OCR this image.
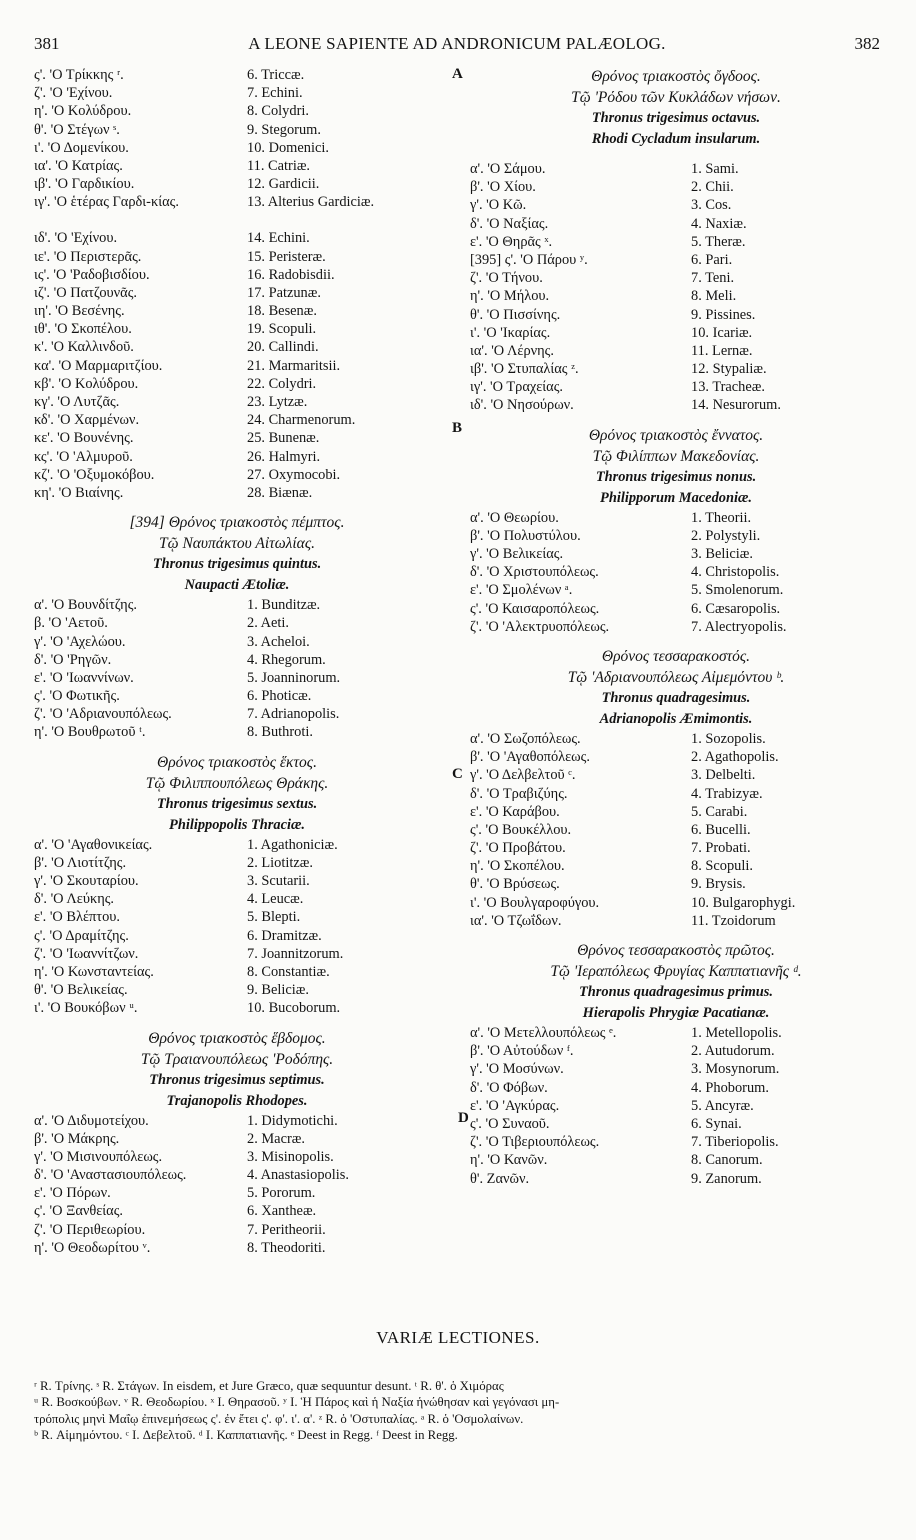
381	A LEONE SAPIENTE AD ANDRONICUM PALÆOLOG.	382
ς'. 'Ο Τρίκκης ʳ.	6. Triccæ.
ζ'. 'Ο 'Εχίνου.	7. Echini.
η'. 'Ο Κολύδρου.	8. Colydri.
θ'. 'Ο Στέγων ˢ.	9. Stegorum.
ι'. 'Ο Δομενίκου.	10. Domenici.
ια'. 'Ο Κατρίας.	11. Catriæ.
ιβ'. 'Ο Γαρδικίου.	12. Gardicii.
ιγ'. 'Ο ἑτέρας Γαρδι-κίας.	13. Alterius Gardiciæ.
ιδ'. 'Ο 'Εχίνου.	14. Echini.
ιε'. 'Ο Περιστερᾶς.	15. Peristeræ.
ις'. 'Ο 'Ραδοβισδίου.	16. Radobisdii.
ιζ'. 'Ο Πατζουνᾶς.	17. Patzunæ.
ιη'. 'Ο Βεσένης.	18. Besenæ.
ιθ'. 'Ο Σκοπέλου.	19. Scopuli.
κ'. 'Ο Καλλινδοῦ.	20. Callindi.
κα'. 'Ο Μαρμαριτζίου.	21. Marmaritsii.
κβ'. 'Ο Κολύδρου.	22. Colydri.
κγ'. 'Ο Λυτζᾶς.	23. Lytzæ.
κδ'. 'Ο Χαρμένων.	24. Charmenorum.
κε'. 'Ο Βουνένης.	25. Bunenæ.
κς'. 'Ο 'Αλμυροῦ.	26. Halmyri.
κζ'. 'Ο 'Οξυμοκόβου.	27. Oxymocobi.
κη'. 'Ο Βιαίνης.	28. Biænæ.
[394] Θρόνος τριακοστὸς πέμπτος.
Τῷ Ναυπάκτου Αἰτωλίας.
Thronus trigesimus quintus.
Naupacti Ætoliæ.
α'. 'Ο Βουνδίτζης.	1. Bunditzæ.
β. 'Ο 'Αετοῦ.	2. Aeti.
γ'. 'Ο 'Αχελώου.	3. Acheloi.
δ'. 'Ο 'Ρηγῶν.	4. Rhegorum.
ε'. 'Ο 'Ιωαννίνων.	5. Joanninorum.
ς'. 'Ο Φωτικῆς.	6. Photicæ.
ζ'. 'Ο 'Αδριανουπόλεως.	7. Adrianopolis.
η'. 'Ο Βουθρωτοῦ ᵗ.	8. Buthroti.
Θρόνος τριακοστὸς ἕκτος.
Τῷ Φιλιππουπόλεως Θράκης.
Thronus trigesimus sextus.
Philippopolis Thraciæ.
α'. 'Ο 'Αγαθονικείας.	1. Agathoniciæ.
β'. 'Ο Λιοτίτζης.	2. Liotitzæ.
γ'. 'Ο Σκουταρίου.	3. Scutarii.
δ'. 'Ο Λεύκης.	4. Leucæ.
ε'. 'Ο Βλέπτου.	5. Blepti.
ς'. 'Ο Δραμίτζης.	6. Dramitzæ.
ζ'. 'Ο 'Ιωαννίτζων.	7. Joannitzorum.
η'. 'Ο Κωνσταντείας.	8. Constantiæ.
θ'. 'Ο Βελικείας.	9. Beliciæ.
ι'. 'Ο Βουκόβων ᵘ.	10. Bucoborum.
Θρόνος τριακοστὸς ἕβδομος.
Τῷ Τραιανουπόλεως 'Ροδόπης.
Thronus trigesimus septimus.
Trajanopolis Rhodopes.
α'. 'Ο Διδυμοτείχου.	1. Didymotichi.
β'. 'Ο Μάκρης.	2. Macræ.
γ'. 'Ο Μισινουπόλεως.	3. Misinopolis.
δ'. 'Ο 'Αναστασιουπόλεως.	4. Anastasiopolis.
ε'. 'Ο Πόρων.	5. Pororum.
ς'. 'Ο Ξανθείας.	6. Xantheæ.
ζ'. 'Ο Περιθεωρίου.	7. Peritheorii.
η'. 'Ο Θεοδωρίτου ᵛ.	8. Theodoriti.
Θρόνος τριακοστὸς ὄγδοος.
Τῷ 'Ρόδου τῶν Κυκλάδων νήσων.
Thronus trigesimus octavus.
Rhodi Cycladum insularum.
α'. 'Ο Σάμου.	1. Sami.
β'. 'Ο Χίου.	2. Chii.
γ'. 'Ο Κῶ.	3. Cos.
δ'. 'Ο Ναξίας.	4. Naxiæ.
ε'. 'Ο Θηρᾶς ˣ.	5. Theræ.
[395] ς'. 'Ο Πάρου ʸ.	6. Pari.
ζ'. 'Ο Τήνου.	7. Teni.
η'. 'Ο Μήλου.	8. Meli.
θ'. 'Ο Πισσίνης.	9. Pissines.
ι'. 'Ο 'Ικαρίας.	10. Icariæ.
ια'. 'Ο Λέρνης.	11. Lernæ.
ιβ'. 'Ο Στυπαλίας ᶻ.	12. Stypaliæ.
ιγ'. 'Ο Τραχείας.	13. Tracheæ.
ιδ'. 'Ο Νησούρων.	14. Nesurorum.
Θρόνος τριακοστὸς ἔννατος.
Τῷ Φιλίππων Μακεδονίας.
Thronus trigesimus nonus.
Philipporum Macedoniæ.
α'. 'Ο Θεωρίου.	1. Theorii.
β'. 'Ο Πολυστύλου.	2. Polystyli.
γ'. 'Ο Βελικείας.	3. Beliciæ.
δ'. 'Ο Χριστουπόλεως.	4. Christopolis.
ε'. 'Ο Σμολένων ᵃ.	5. Smolenorum.
ς'. 'Ο Καισαροπόλεως.	6. Cæsaropolis.
ζ'. 'Ο 'Αλεκτρυοπόλεως.	7. Alectryopolis.
Θρόνος τεσσαρακοστός.
Τῷ 'Αδριανουπόλεως Αἰμεμόντου ᵇ.
Thronus quadragesimus.
Adrianopolis Æmimontis.
α'. 'Ο Σωζοπόλεως.	1. Sozopolis.
β'. 'Ο 'Αγαθοπόλεως.	2. Agathopolis.
γ'. 'Ο Δελβελτοῦ ᶜ.	3. Delbelti.
δ'. 'Ο Τραβιζύης.	4. Trabizyæ.
ε'. 'Ο Καράβου.	5. Carabi.
ς'. 'Ο Βουκέλλου.	6. Bucelli.
ζ'. 'Ο Προβάτου.	7. Probati.
η'. 'Ο Σκοπέλου.	8. Scopuli.
θ'. 'Ο Βρύσεως.	9. Brysis.
ι'. 'Ο Βουλγαροφύγου.	10. Bulgarophygi.
ια'. 'Ο Τζωΐδων.	11. Tzoidorum
Θρόνος τεσσαρακοστὸς πρῶτος.
Τῷ 'Ιεραπόλεως Φρυγίας Καππατιανῆς ᵈ.
Thronus quadragesimus primus.
Hierapolis Phrygiæ Pacatianæ.
α'. 'Ο Μετελλουπόλεως ᵉ.	1. Metellopolis.
β'. 'Ο Αὐτούδων ᶠ.	2. Autudorum.
γ'. 'Ο Μοσύνων.	3. Mosynorum.
δ'. 'Ο Φόβων.	4. Phoborum.
ε'. 'Ο 'Αγκύρας.	5. Ancyræ.
ς'. 'Ο Συναοῦ.	6. Synai.
ζ'. 'Ο Τιβεριουπόλεως.	7. Tiberiopolis.
η'. 'Ο Κανῶν.	8. Canorum.
θ'. Ζανῶν.	9. Zanorum.
A
B
C
D
VARIÆ LECTIONES.
ʳ R. Τρίνης. ˢ R. Στάγων. In eisdem, et Jure Græco, quæ sequuntur desunt. ᵗ R. θ'. ὁ Χιμόρας
ᵘ R. Βοσκούβων. ᵛ R. Θεοδωρίου. ˣ I. Θηρασοῦ. ʸ I. Ἡ Πάρος καὶ ἡ Ναξία ἡνώθησαν καὶ γεγόνασι μη-
τρόπολις μηνὶ Μαΐῳ ἐπινεμήσεως ς'. ἐν ἔτει ς'. φ'. ι'. α'. ᶻ R. ὁ 'Οστυπαλίας. ᵃ R. ὁ 'Οσμολαίνων.
ᵇ R. Αἱμημόντου. ᶜ I. Δεβελτοῦ. ᵈ I. Καππατιανῆς. ᵉ Deest in Regg. ᶠ Deest in Regg.
